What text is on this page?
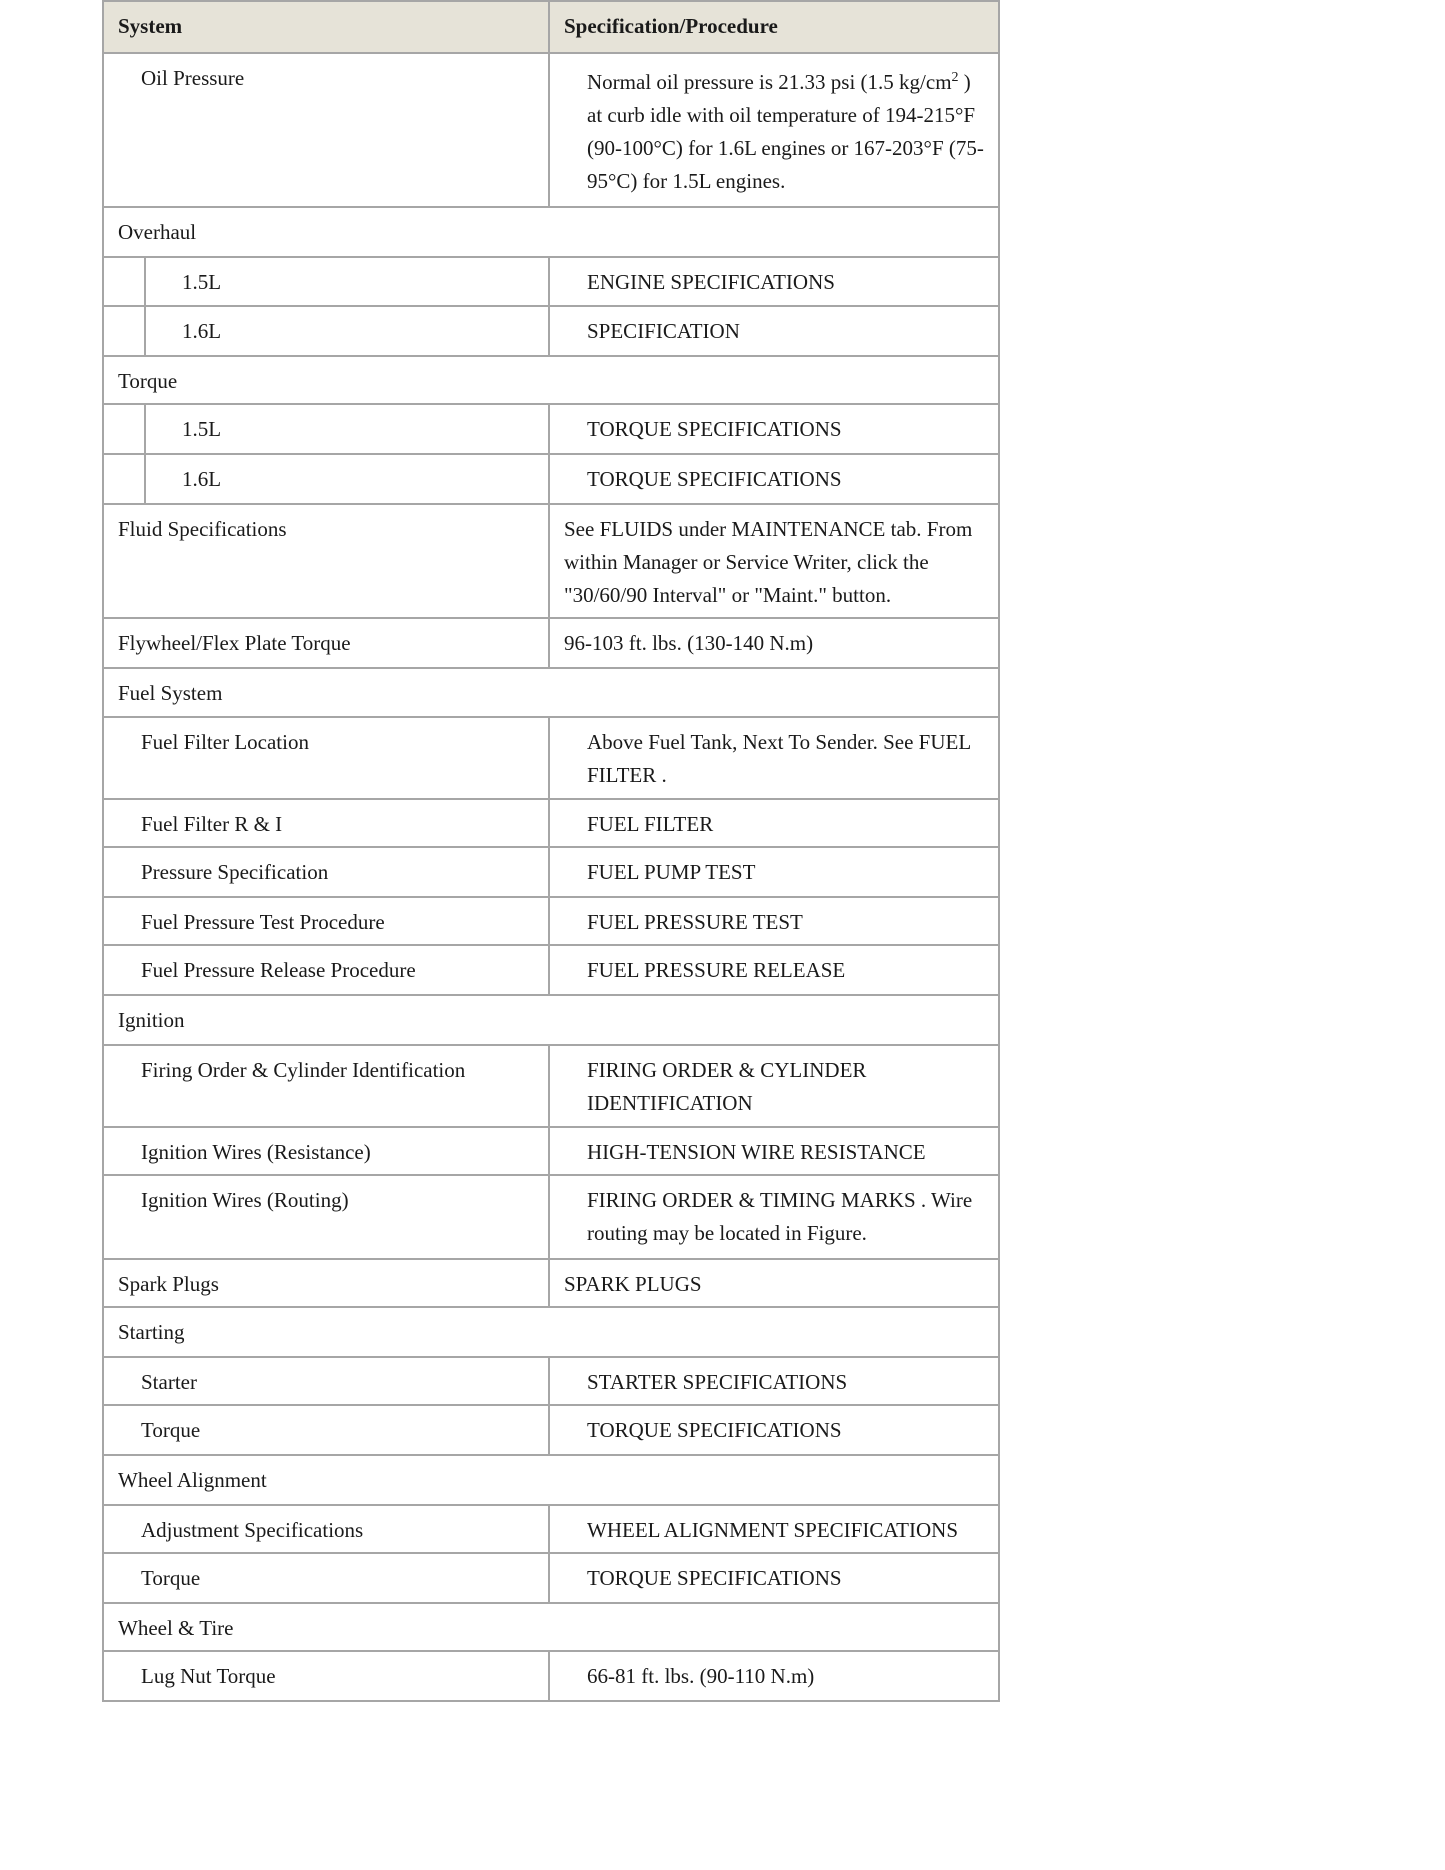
System	Specification/Procedure
Oil Pressure	Normal oil pressure is 21.33 psi (1.5 $kg/cm^2$ ) at curb idle with oil temperature of 194-215°F (90-100°C) for 1.6L engines or 167-203°F (75-95°C) for 1.5L engines.
Overhaul
1.5L	ENGINE SPECIFICATIONS
1.6L	SPECIFICATION
Torque
1.5L	TORQUE SPECIFICATIONS
1.6L	TORQUE SPECIFICATIONS
Fluid Specifications	See FLUIDS under MAINTENANCE tab. From within Manager or Service Writer, click the "30/60/90 Interval" or "Maint." button.
Flywheel/Flex Plate Torque	96-103 ft. lbs. (130-140 N.m)
Fuel System
Fuel Filter Location	Above Fuel Tank, Next To Sender. See FUEL FILTER .
Fuel Filter R & I	FUEL FILTER
Pressure Specification	FUEL PUMP TEST
Fuel Pressure Test Procedure	FUEL PRESSURE TEST
Fuel Pressure Release Procedure	FUEL PRESSURE RELEASE
Ignition
Firing Order & Cylinder Identification	FIRING ORDER & CYLINDER IDENTIFICATION
Ignition Wires (Resistance)	HIGH-TENSION WIRE RESISTANCE
Ignition Wires (Routing)	FIRING ORDER & TIMING MARKS . Wire routing may be located in Figure.
Spark Plugs	SPARK PLUGS
Starting
Starter	STARTER SPECIFICATIONS
Torque	TORQUE SPECIFICATIONS
Wheel Alignment
Adjustment Specifications	WHEEL ALIGNMENT SPECIFICATIONS
Torque	TORQUE SPECIFICATIONS
Wheel & Tire
Lug Nut Torque	66-81 ft. lbs. (90-110 N.m)
